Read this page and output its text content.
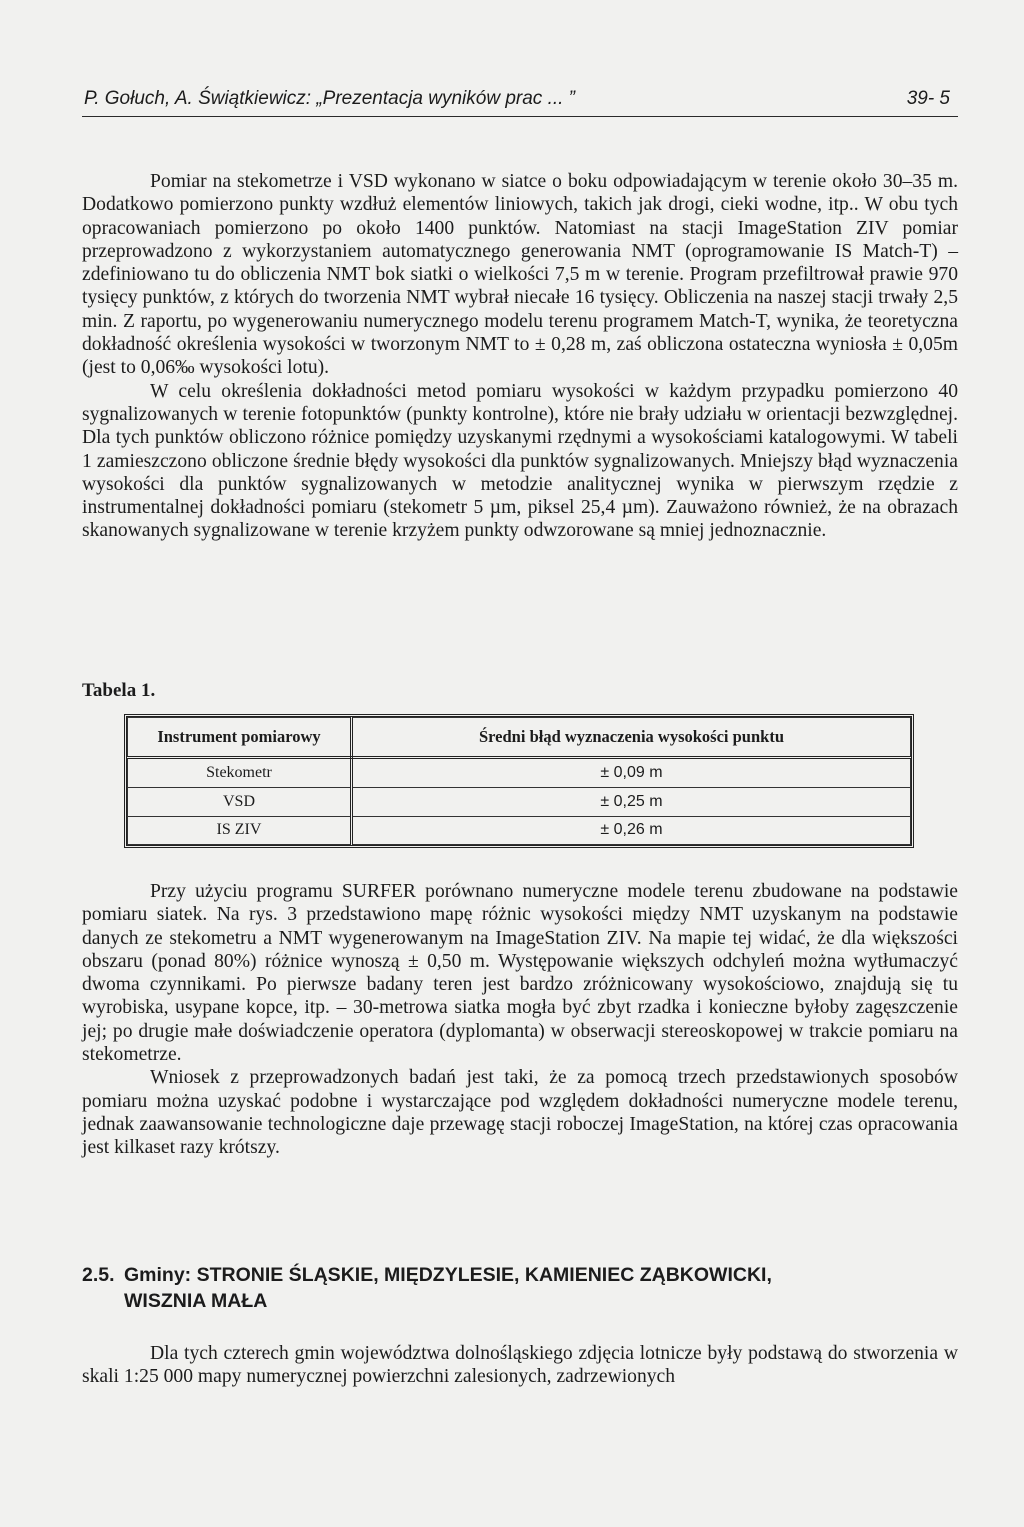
P. Gołuch, A. Świątkiewicz: „Prezentacja wyników prac ... ”	39- 5

Pomiar na stekometrze i VSD wykonano w siatce o boku odpowiadającym w terenie około 30–35 m. Dodatkowo pomierzono punkty wzdłuż elementów liniowych, takich jak drogi, cieki wodne, itp.. W obu tych opracowaniach pomierzono po około 1400 punktów. Natomiast na stacji ImageStation ZIV pomiar przeprowadzono z wykorzystaniem automatycznego generowania NMT (oprogramowanie IS Match-T) – zdefiniowano tu do obliczenia NMT bok siatki o wielkości 7,5 m w terenie. Program przefiltrował prawie 970 tysięcy punktów, z których do tworzenia NMT wybrał niecałe 16 tysięcy. Obliczenia na naszej stacji trwały 2,5 min. Z raportu, po wygenerowaniu numerycznego modelu terenu programem Match-T, wynika, że teoretyczna dokładność określenia wysokości w tworzonym NMT to ± 0,28 m, zaś obliczona ostateczna wyniosła ± 0,05m (jest to 0,06‰ wysokości lotu).

W celu określenia dokładności metod pomiaru wysokości w każdym przypadku pomierzono 40 sygnalizowanych w terenie fotopunktów (punkty kontrolne), które nie brały udziału w orientacji bezwzględnej. Dla tych punktów obliczono różnice pomiędzy uzyskanymi rzędnymi a wysokościami katalogowymi. W tabeli 1 zamieszczono obliczone średnie błędy wysokości dla punktów sygnalizowanych. Mniejszy błąd wyznaczenia wysokości dla punktów sygnalizowanych w metodzie analitycznej wynika w pierwszym rzędzie z instrumentalnej dokładności pomiaru (stekometr 5 µm, piksel 25,4 µm). Zauważono również, że na obrazach skanowanych sygnalizowane w terenie krzyżem punkty odwzorowane są mniej jednoznacznie.

Tabela 1.
Instrument pomiarowy	Średni błąd wyznaczenia wysokości punktu
Stekometr	± 0,09 m
VSD	± 0,25 m
IS ZIV	± 0,26 m

Przy użyciu programu SURFER porównano numeryczne modele terenu zbudowane na podstawie pomiaru siatek. Na rys. 3 przedstawiono mapę różnic wysokości między NMT uzyskanym na podstawie danych ze stekometru a NMT wygenerowanym na ImageStation ZIV. Na mapie tej widać, że dla większości obszaru (ponad 80%) różnice wynoszą ± 0,50 m. Występowanie większych odchyleń można wytłumaczyć dwoma czynnikami. Po pierwsze badany teren jest bardzo zróżnicowany wysokościowo, znajdują się tu wyrobiska, usypane kopce, itp. – 30-metrowa siatka mogła być zbyt rzadka i konieczne byłoby zagęszczenie jej; po drugie małe doświadczenie operatora (dyplomanta) w obserwacji stereoskopowej w trakcie pomiaru na stekometrze.

Wniosek z przeprowadzonych badań jest taki, że za pomocą trzech przedstawionych sposobów pomiaru można uzyskać podobne i wystarczające pod względem dokładności numeryczne modele terenu, jednak zaawansowanie technologiczne daje przewagę stacji roboczej ImageStation, na której czas opracowania jest kilkaset razy krótszy.

2.5. Gminy: STRONIE ŚLĄSKIE, MIĘDZYLESIE, KAMIENIEC ZĄBKOWICKI,
WISZNIA MAŁA

Dla tych czterech gmin województwa dolnośląskiego zdjęcia lotnicze były podstawą do stworzenia w skali 1:25 000 mapy numerycznej powierzchni zalesionych, zadrzewionych
